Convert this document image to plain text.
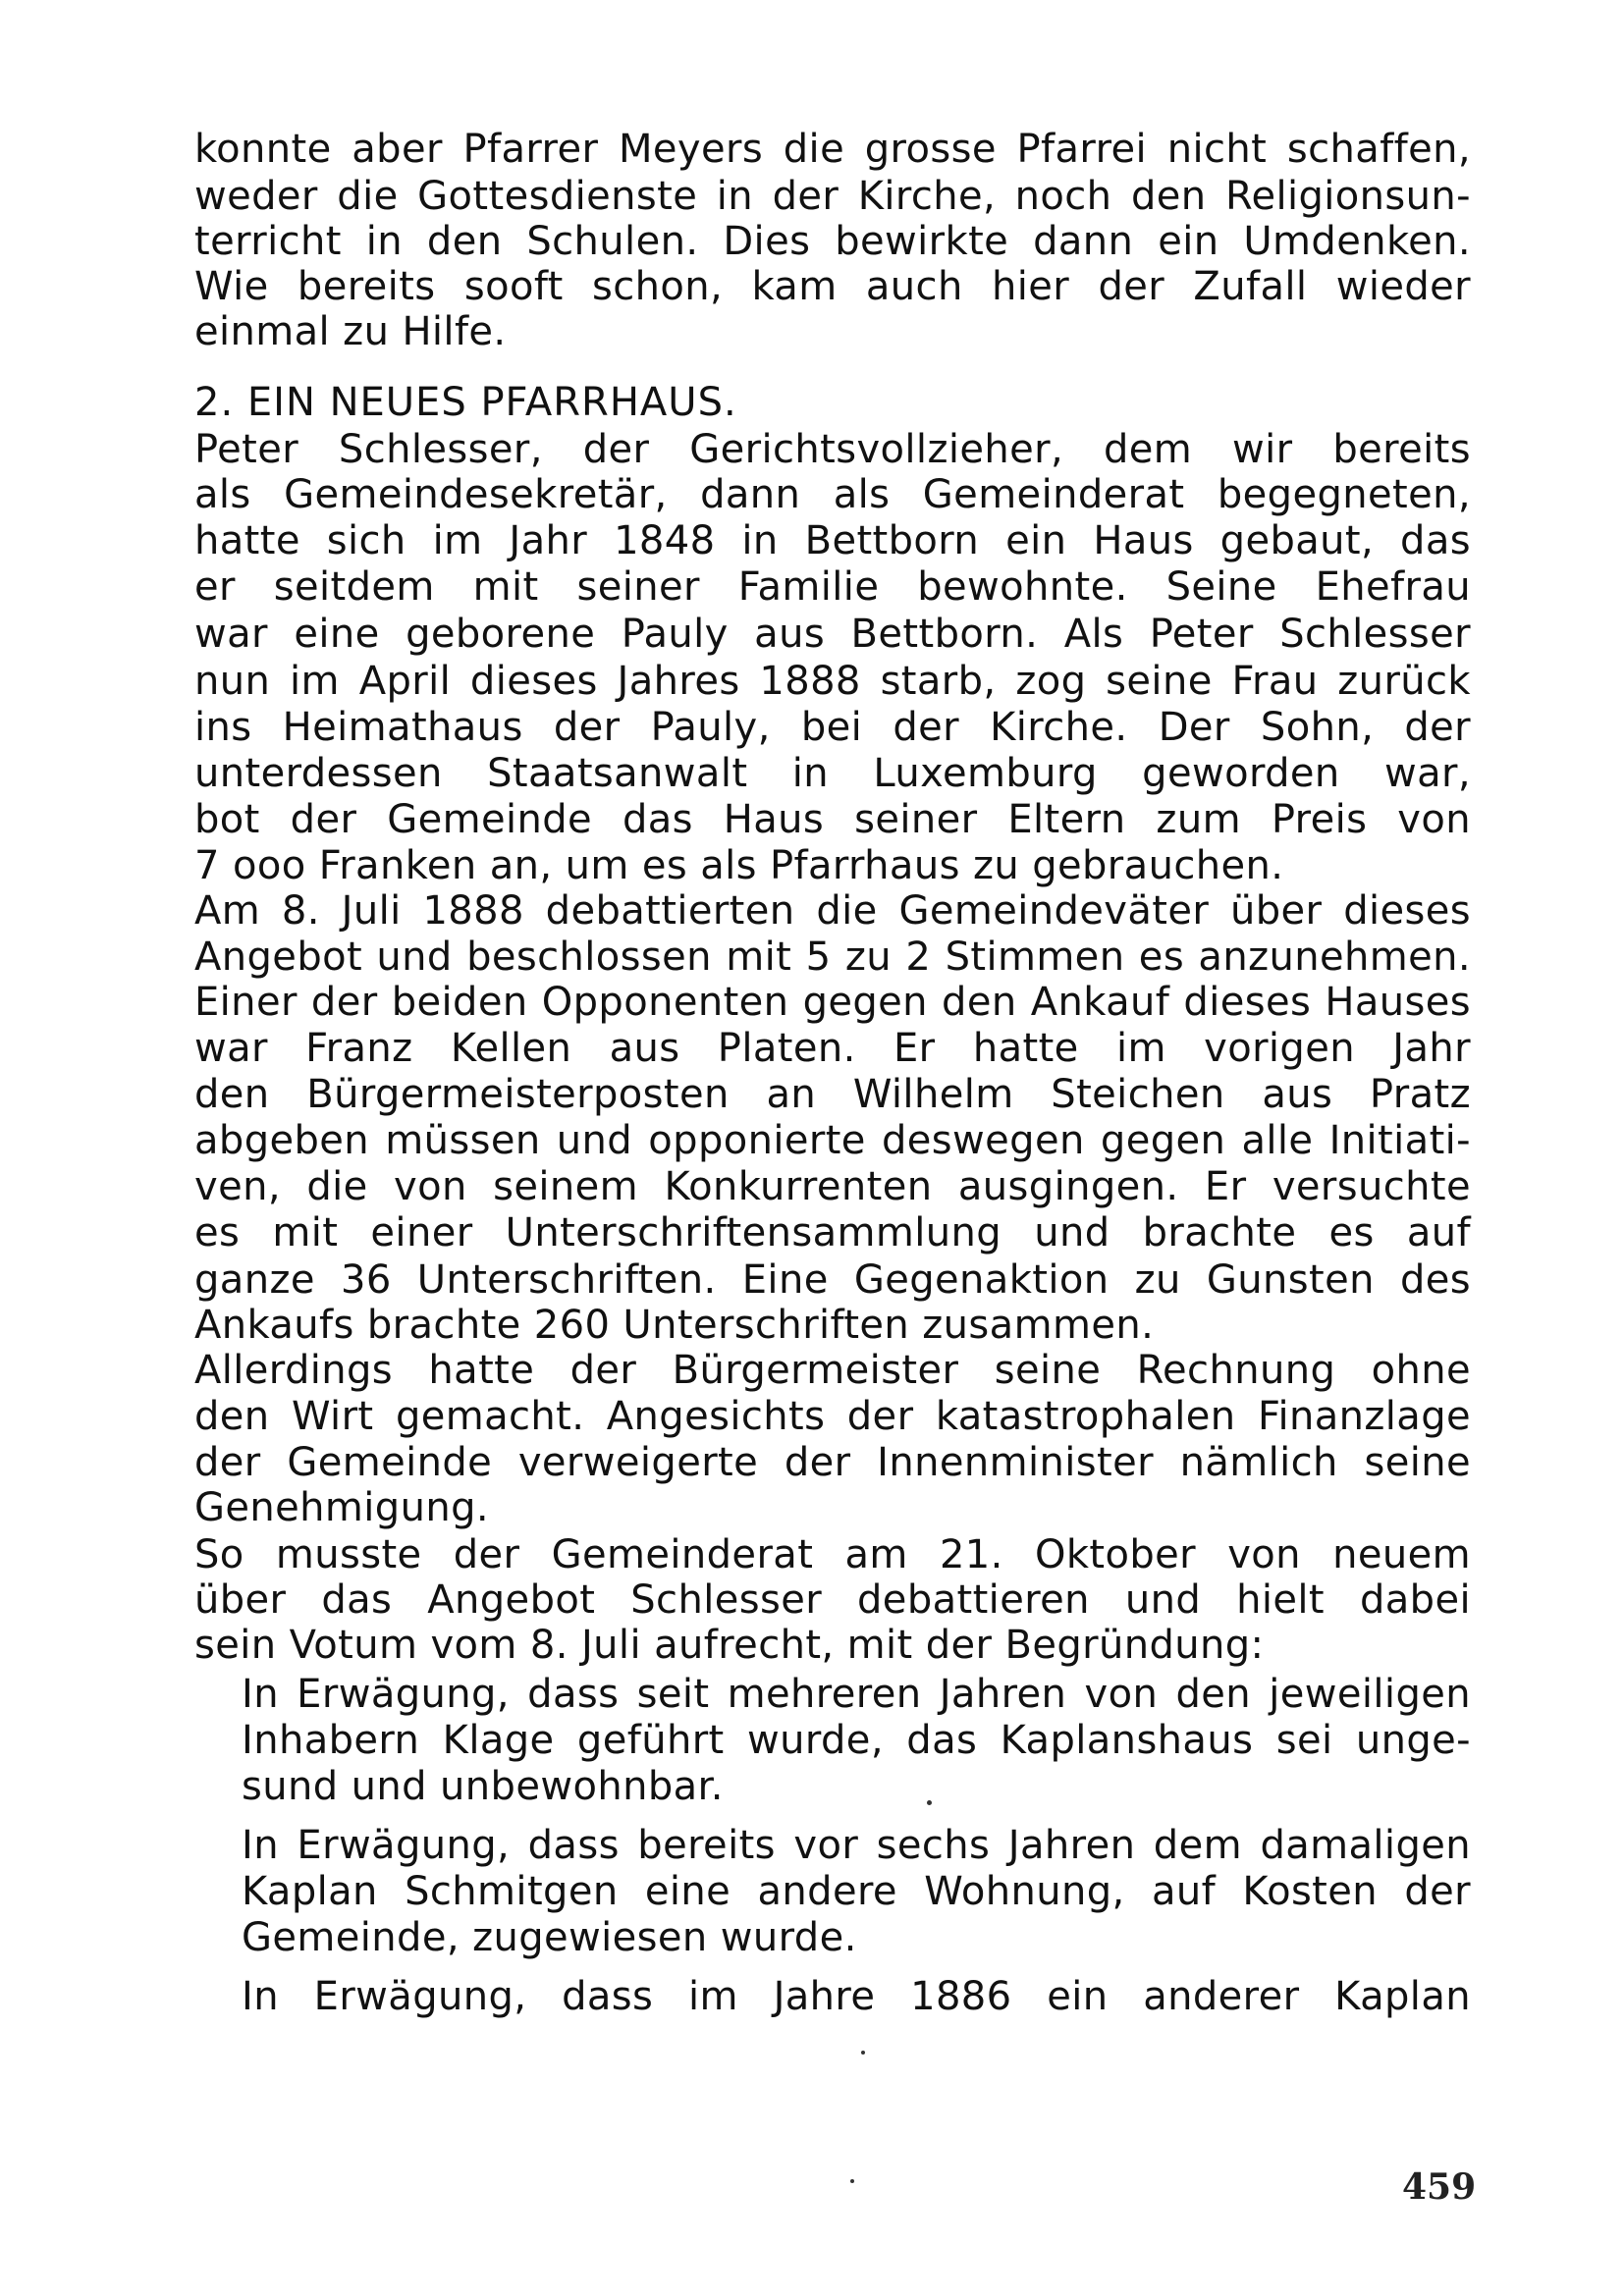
konnte aber Pfarrer Meyers die grosse Pfarrei nicht schaffen,
weder die Gottesdienste in der Kirche, noch den Religionsun-
terricht in den Schulen. Dies bewirkte dann ein Umdenken.
Wie bereits sooft schon, kam auch hier der Zufall wieder
einmal zu Hilfe.
2. EIN NEUES PFARRHAUS.
Peter Schlesser, der Gerichtsvollzieher, dem wir bereits
als Gemeindesekretär, dann als Gemeinderat begegneten,
hatte sich im Jahr 1848 in Bettborn ein Haus gebaut, das
er seitdem mit seiner Familie bewohnte. Seine Ehefrau
war eine geborene Pauly aus Bettborn. Als Peter Schlesser
nun im April dieses Jahres 1888 starb, zog seine Frau zurück
ins Heimathaus der Pauly, bei der Kirche. Der Sohn, der
unterdessen Staatsanwalt in Luxemburg geworden war,
bot der Gemeinde das Haus seiner Eltern zum Preis von
7 ooo Franken an, um es als Pfarrhaus zu gebrauchen.
Am 8. Juli 1888 debattierten die Gemeindeväter über dieses
Angebot und beschlossen mit 5 zu 2 Stimmen es anzunehmen.
Einer der beiden Opponenten gegen den Ankauf dieses Hauses
war Franz Kellen aus Platen. Er hatte im vorigen Jahr
den Bürgermeisterposten an Wilhelm Steichen aus Pratz
abgeben müssen und opponierte deswegen gegen alle Initiati-
ven, die von seinem Konkurrenten ausgingen. Er versuchte
es mit einer Unterschriftensammlung und brachte es auf
ganze 36 Unterschriften. Eine Gegenaktion zu Gunsten des
Ankaufs brachte 260 Unterschriften zusammen.
Allerdings hatte der Bürgermeister seine Rechnung ohne
den Wirt gemacht. Angesichts der katastrophalen Finanzlage
der Gemeinde verweigerte der Innenminister nämlich seine
Genehmigung.
So musste der Gemeinderat am 21. Oktober von neuem
über das Angebot Schlesser debattieren und hielt dabei
sein Votum vom 8. Juli aufrecht, mit der Begründung:
In Erwägung, dass seit mehreren Jahren von den jeweiligen
Inhabern Klage geführt wurde, das Kaplanshaus sei unge-
sund und unbewohnbar.
In Erwägung, dass bereits vor sechs Jahren dem damaligen
Kaplan Schmitgen eine andere Wohnung, auf Kosten der
Gemeinde, zugewiesen wurde.
In Erwägung, dass im Jahre 1886 ein anderer Kaplan
459
